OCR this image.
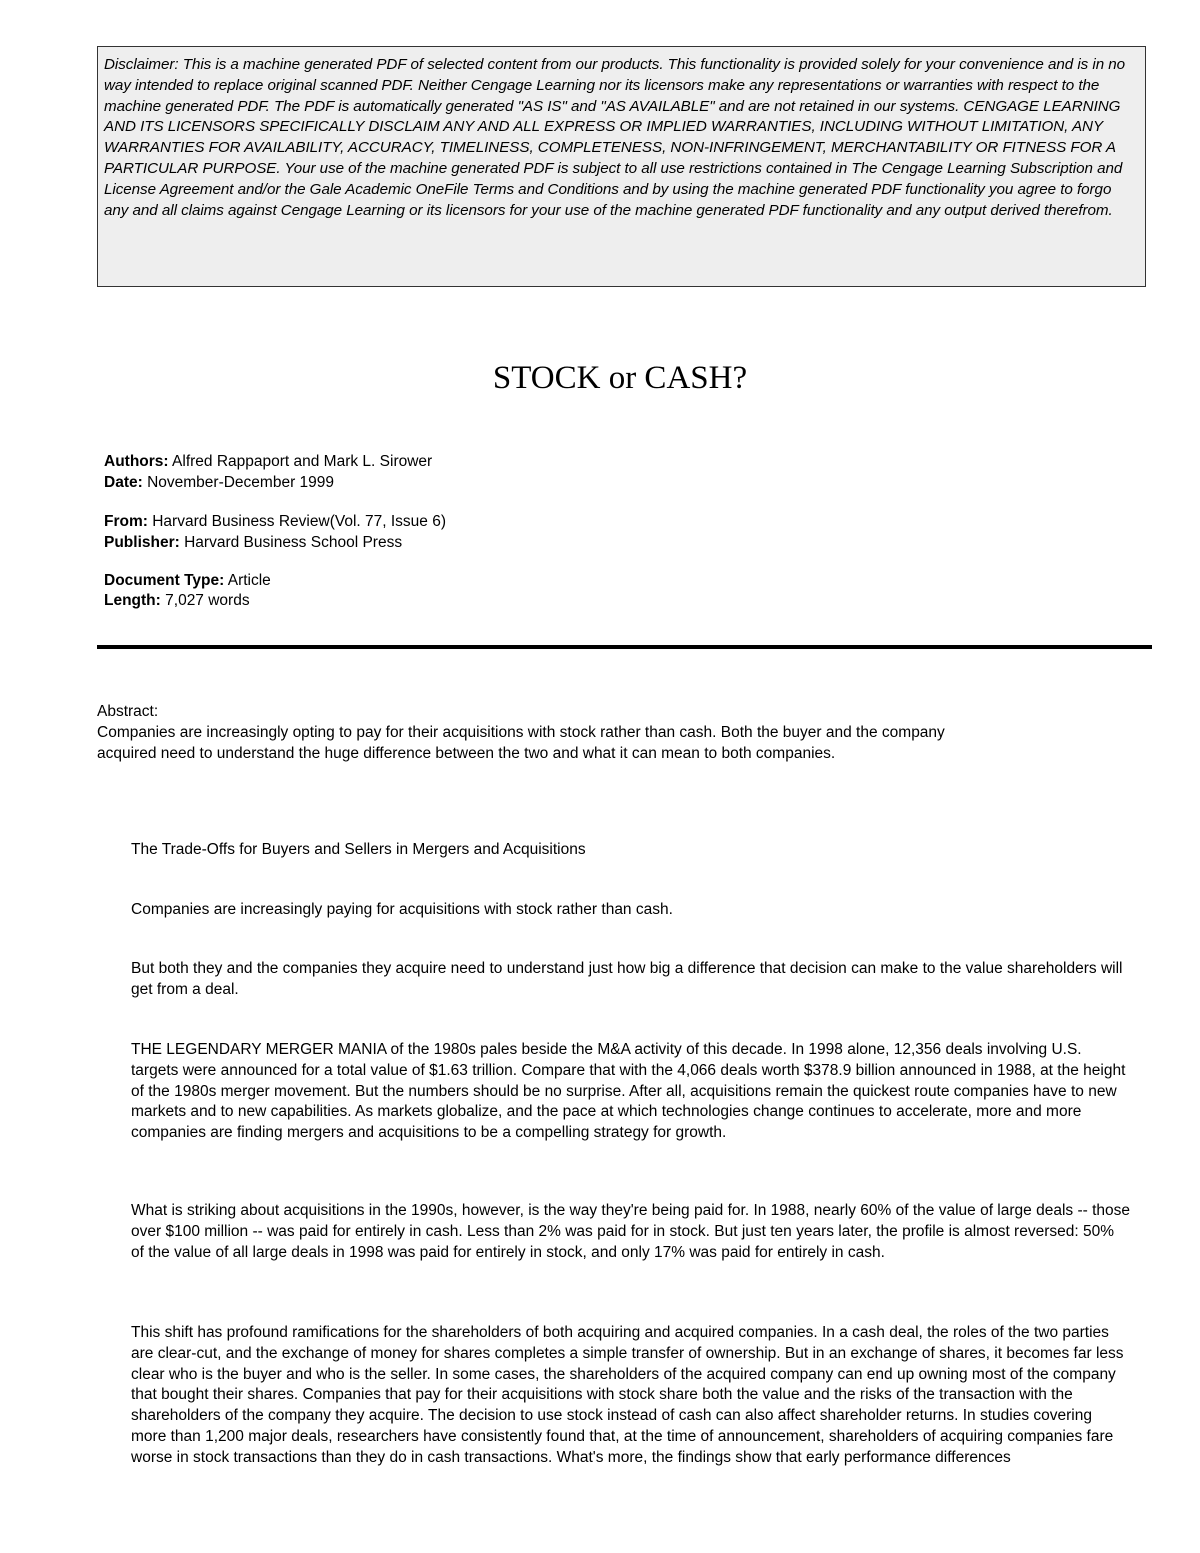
Disclaimer: This is a machine generated PDF of selected content from our products. This functionality is provided solely for your convenience and is in no way intended to replace original scanned PDF. Neither Cengage Learning nor its licensors make any representations or warranties with respect to the machine generated PDF. The PDF is automatically generated "AS IS" and "AS AVAILABLE" and are not retained in our systems. CENGAGE LEARNING AND ITS LICENSORS SPECIFICALLY DISCLAIM ANY AND ALL EXPRESS OR IMPLIED WARRANTIES, INCLUDING WITHOUT LIMITATION, ANY WARRANTIES FOR AVAILABILITY, ACCURACY, TIMELINESS, COMPLETENESS, NON-INFRINGEMENT, MERCHANTABILITY OR FITNESS FOR A PARTICULAR PURPOSE. Your use of the machine generated PDF is subject to all use restrictions contained in The Cengage Learning Subscription and License Agreement and/or the Gale Academic OneFile Terms and Conditions and by using the machine generated PDF functionality you agree to forgo any and all claims against Cengage Learning or its licensors for your use of the machine generated PDF functionality and any output derived therefrom.
STOCK or CASH?
Authors: Alfred Rappaport and Mark L. Sirower
Date: November-December 1999
From: Harvard Business Review(Vol. 77, Issue 6)
Publisher: Harvard Business School Press
Document Type: Article
Length: 7,027 words
Abstract:
Companies are increasingly opting to pay for their acquisitions with stock rather than cash. Both the buyer and the company acquired need to understand the huge difference between the two and what it can mean to both companies.
The Trade-Offs for Buyers and Sellers in Mergers and Acquisitions
Companies are increasingly paying for acquisitions with stock rather than cash.
But both they and the companies they acquire need to understand just how big a difference that decision can make to the value shareholders will get from a deal.
THE LEGENDARY MERGER MANIA of the 1980s pales beside the M&A activity of this decade. In 1998 alone, 12,356 deals involving U.S. targets were announced for a total value of $1.63 trillion. Compare that with the 4,066 deals worth $378.9 billion announced in 1988, at the height of the 1980s merger movement. But the numbers should be no surprise. After all, acquisitions remain the quickest route companies have to new markets and to new capabilities. As markets globalize, and the pace at which technologies change continues to accelerate, more and more companies are finding mergers and acquisitions to be a compelling strategy for growth.
What is striking about acquisitions in the 1990s, however, is the way they're being paid for. In 1988, nearly 60% of the value of large deals -- those over $100 million -- was paid for entirely in cash. Less than 2% was paid for in stock. But just ten years later, the profile is almost reversed: 50% of the value of all large deals in 1998 was paid for entirely in stock, and only 17% was paid for entirely in cash.
This shift has profound ramifications for the shareholders of both acquiring and acquired companies. In a cash deal, the roles of the two parties are clear-cut, and the exchange of money for shares completes a simple transfer of ownership. But in an exchange of shares, it becomes far less clear who is the buyer and who is the seller. In some cases, the shareholders of the acquired company can end up owning most of the company that bought their shares. Companies that pay for their acquisitions with stock share both the value and the risks of the transaction with the shareholders of the company they acquire. The decision to use stock instead of cash can also affect shareholder returns. In studies covering more than 1,200 major deals, researchers have consistently found that, at the time of announcement, shareholders of acquiring companies fare worse in stock transactions than they do in cash transactions. What's more, the findings show that early performance differences
